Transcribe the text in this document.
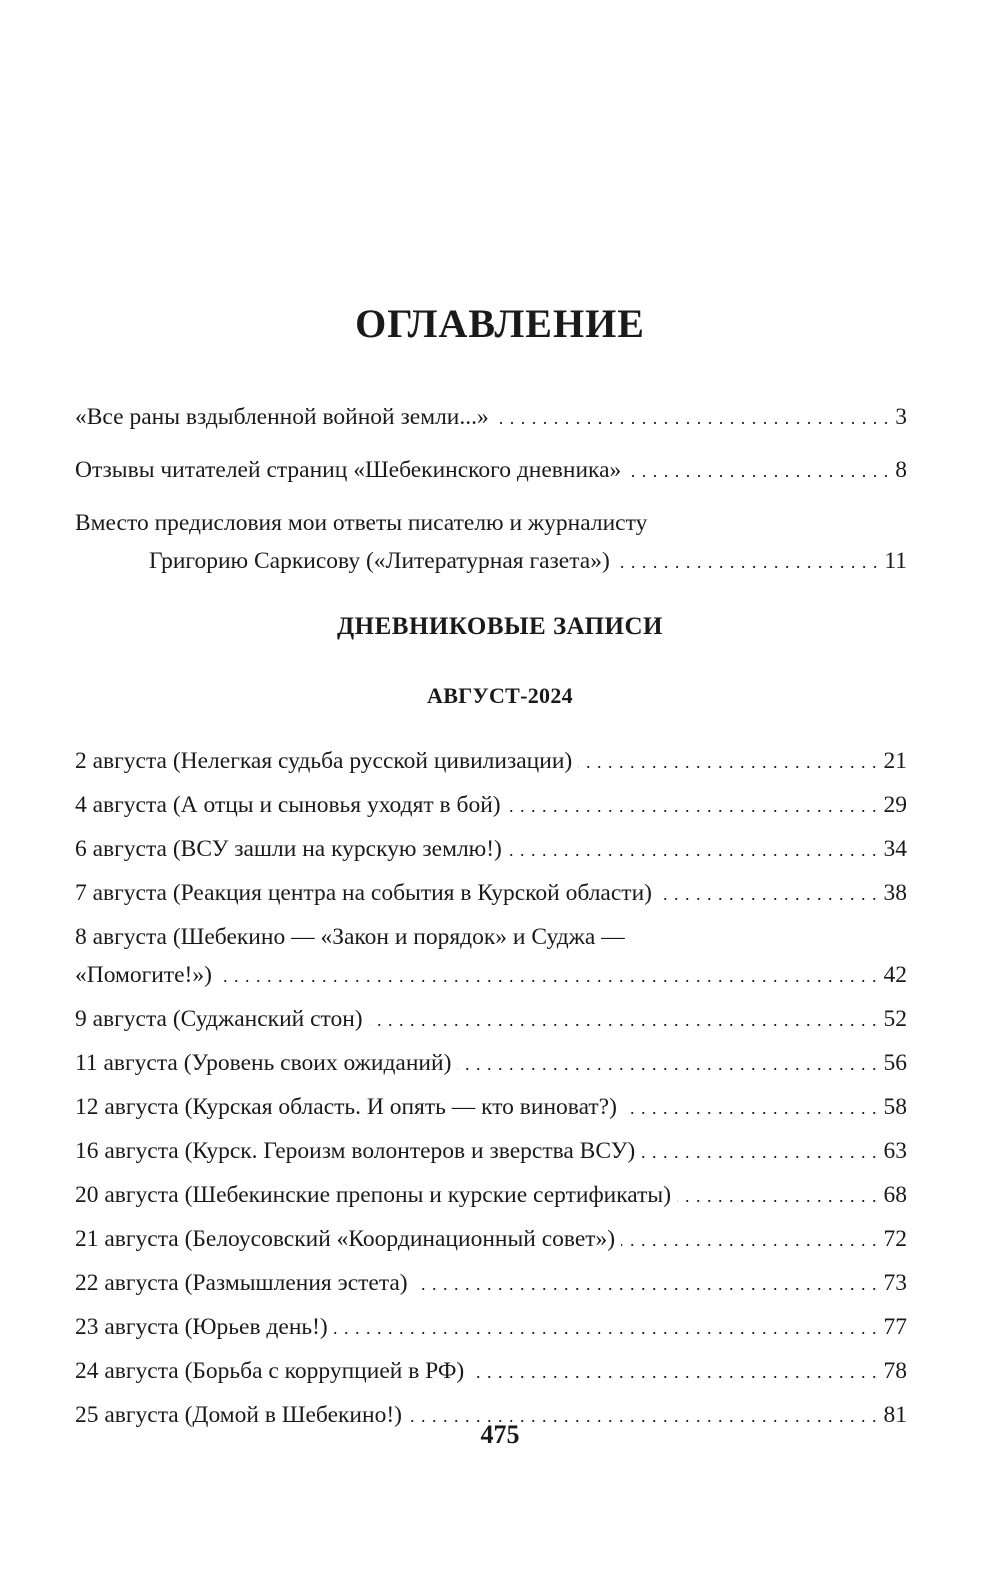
ОГЛАВЛЕНИЕ
«Все раны вздыбленной войной земли...» . . .	3
Отзывы читателей страниц «Шебекинского дневника» . . .	8
Вместо предисловия мои ответы писателю и журналисту
Григорию Саркисову («Литературная газета») . . .	11
ДНЕВНИКОВЫЕ ЗАПИСИ
АВГУСТ-2024
2 августа (Нелегкая судьба русской цивилизации) . . .	21
4 августа (А отцы и сыновья уходят в бой) . . .	29
6 августа (ВСУ зашли на курскую землю!) . . .	34
7 августа (Реакция центра на события в Курской области) . . .	38
8 августа (Шебекино — «Закон и порядок» и Суджа —
«Помогите!») . . .	42
9 августа (Суджанский стон) . . .	52
11 августа (Уровень своих ожиданий) . . .	56
12 августа (Курская область. И опять — кто виноват?) . . .	58
16 августа (Курск. Героизм волонтеров и зверства ВСУ) . . .	63
20 августа (Шебекинские препоны и курские сертификаты) . . .	68
21 августа (Белоусовский «Координационный совет») . . .	72
22 августа (Размышления эстета) . . .	73
23 августа (Юрьев день!) . . .	77
24 августа (Борьба с коррупцией в РФ) . . .	78
25 августа (Домой в Шебекино!) . . .	81
475
